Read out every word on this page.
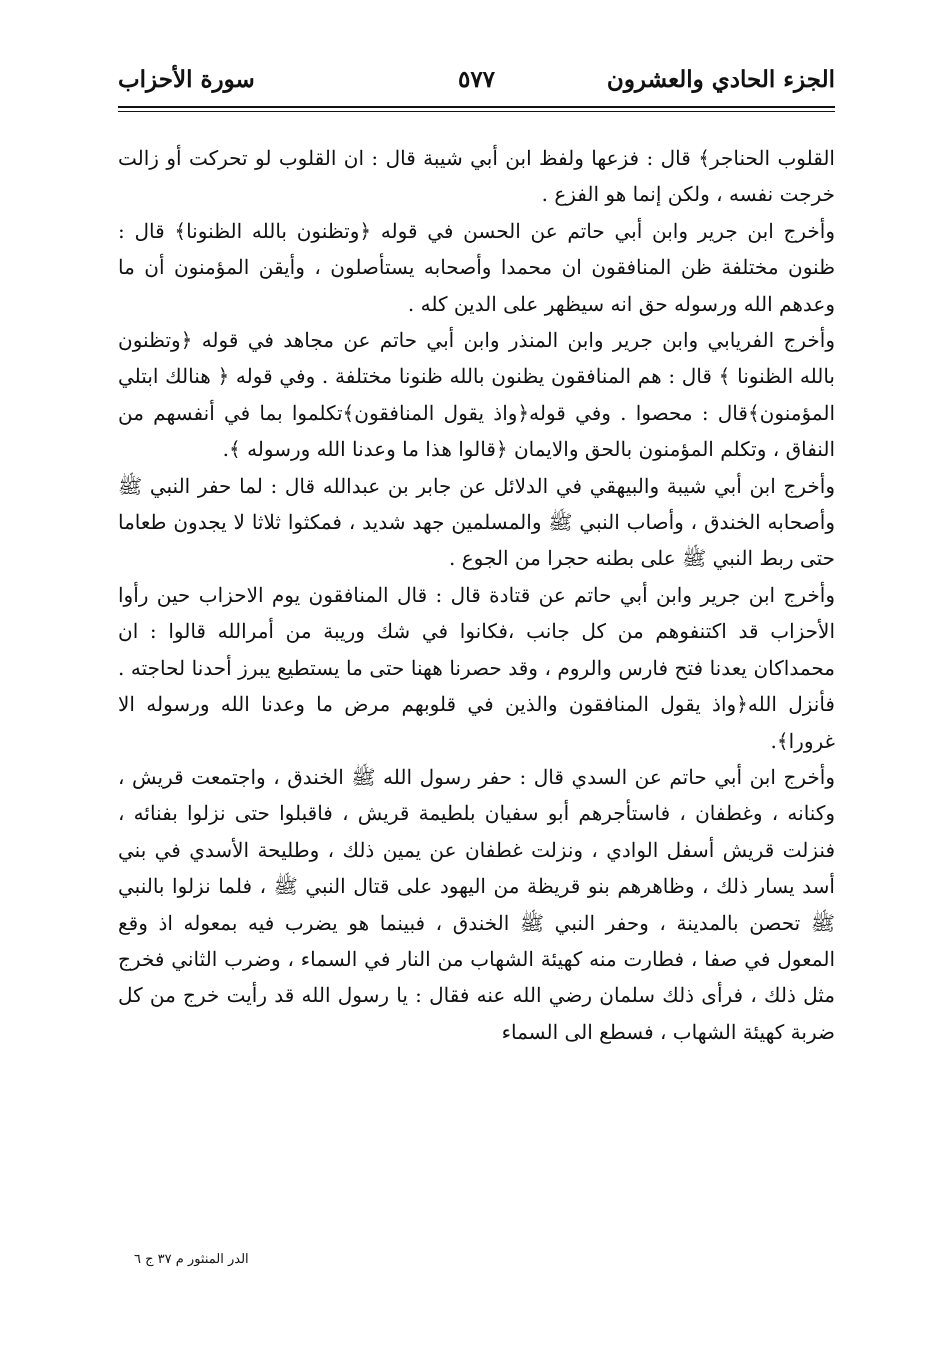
الجزء الحادي والعشرون
٥٧٧
سورة الأحزاب

القلوب الحناجر﴾ قال : فزعها ولفظ ابن أبي شيبة قال : ان القلوب لو تحركت أو زالت خرجت نفسه ، ولكن إنما هو الفزع .

وأخرج ابن جرير وابن أبي حاتم عن الحسن في قوله ﴿وتظنون بالله الظنونا﴾ قال : ظنون مختلفة ظن المنافقون ان محمدا وأصحابه يستأصلون ، وأيقن المؤمنون أن ما وعدهم الله ورسوله حق انه سيظهر على الدين كله .

وأخرج الفريابي وابن جرير وابن المنذر وابن أبي حاتم عن مجاهد في قوله ﴿وتظنون بالله الظنونا ﴾ قال : هم المنافقون يظنون بالله ظنونا مختلفة . وفي قوله ﴿ هنالك ابتلي المؤمنون﴾قال : محصوا . وفي قوله﴿واذ يقول المنافقون﴾تكلموا بما في أنفسهم من النفاق ، وتكلم المؤمنون بالحق والايمان ﴿قالوا هذا ما وعدنا الله ورسوله ﴾.

وأخرج ابن أبي شيبة والبيهقي في الدلائل عن جابر بن عبدالله قال : لما حفر النبي ﷺ وأصحابه الخندق ، وأصاب النبي ﷺ والمسلمين جهد شديد ، فمكثوا ثلاثا لا يجدون طعاما حتى ربط النبي ﷺ على بطنه حجرا من الجوع .

وأخرج ابن جرير وابن أبي حاتم عن قتادة قال : قال المنافقون يوم الاحزاب حين رأوا الأحزاب قد اكتنفوهم من كل جانب ،فكانوا في شك وريبة من أمرالله قالوا : ان محمداكان يعدنا فتح فارس والروم ، وقد حصرنا ههنا حتى ما يستطيع يبرز أحدنا لحاجته . فأنزل الله﴿واذ يقول المنافقون والذين في قلوبهم مرض ما وعدنا الله ورسوله الا غرورا﴾.

وأخرج ابن أبي حاتم عن السدي قال : حفر رسول الله ﷺ الخندق ، واجتمعت قريش ، وكنانه ، وغطفان ، فاستأجرهم أبو سفيان بلطيمة قريش ، فاقبلوا حتى نزلوا بفنائه ، فنزلت قريش أسفل الوادي ، ونزلت غطفان عن يمين ذلك ، وطليحة الأسدي في بني أسد يسار ذلك ، وظاهرهم بنو قريظة من اليهود على قتال النبي ﷺ ، فلما نزلوا بالنبي ﷺ تحصن بالمدينة ، وحفر النبي ﷺ الخندق ، فبينما هو يضرب فيه بمعوله اذ وقع المعول في صفا ، فطارت منه كهيئة الشهاب من النار في السماء ، وضرب الثاني فخرج مثل ذلك ، فرأى ذلك سلمان رضي الله عنه فقال : يا رسول الله قد رأيت خرج من كل ضربة كهيئة الشهاب ، فسطع الى السماء

الدر المنثور م ٣٧ ج ٦
